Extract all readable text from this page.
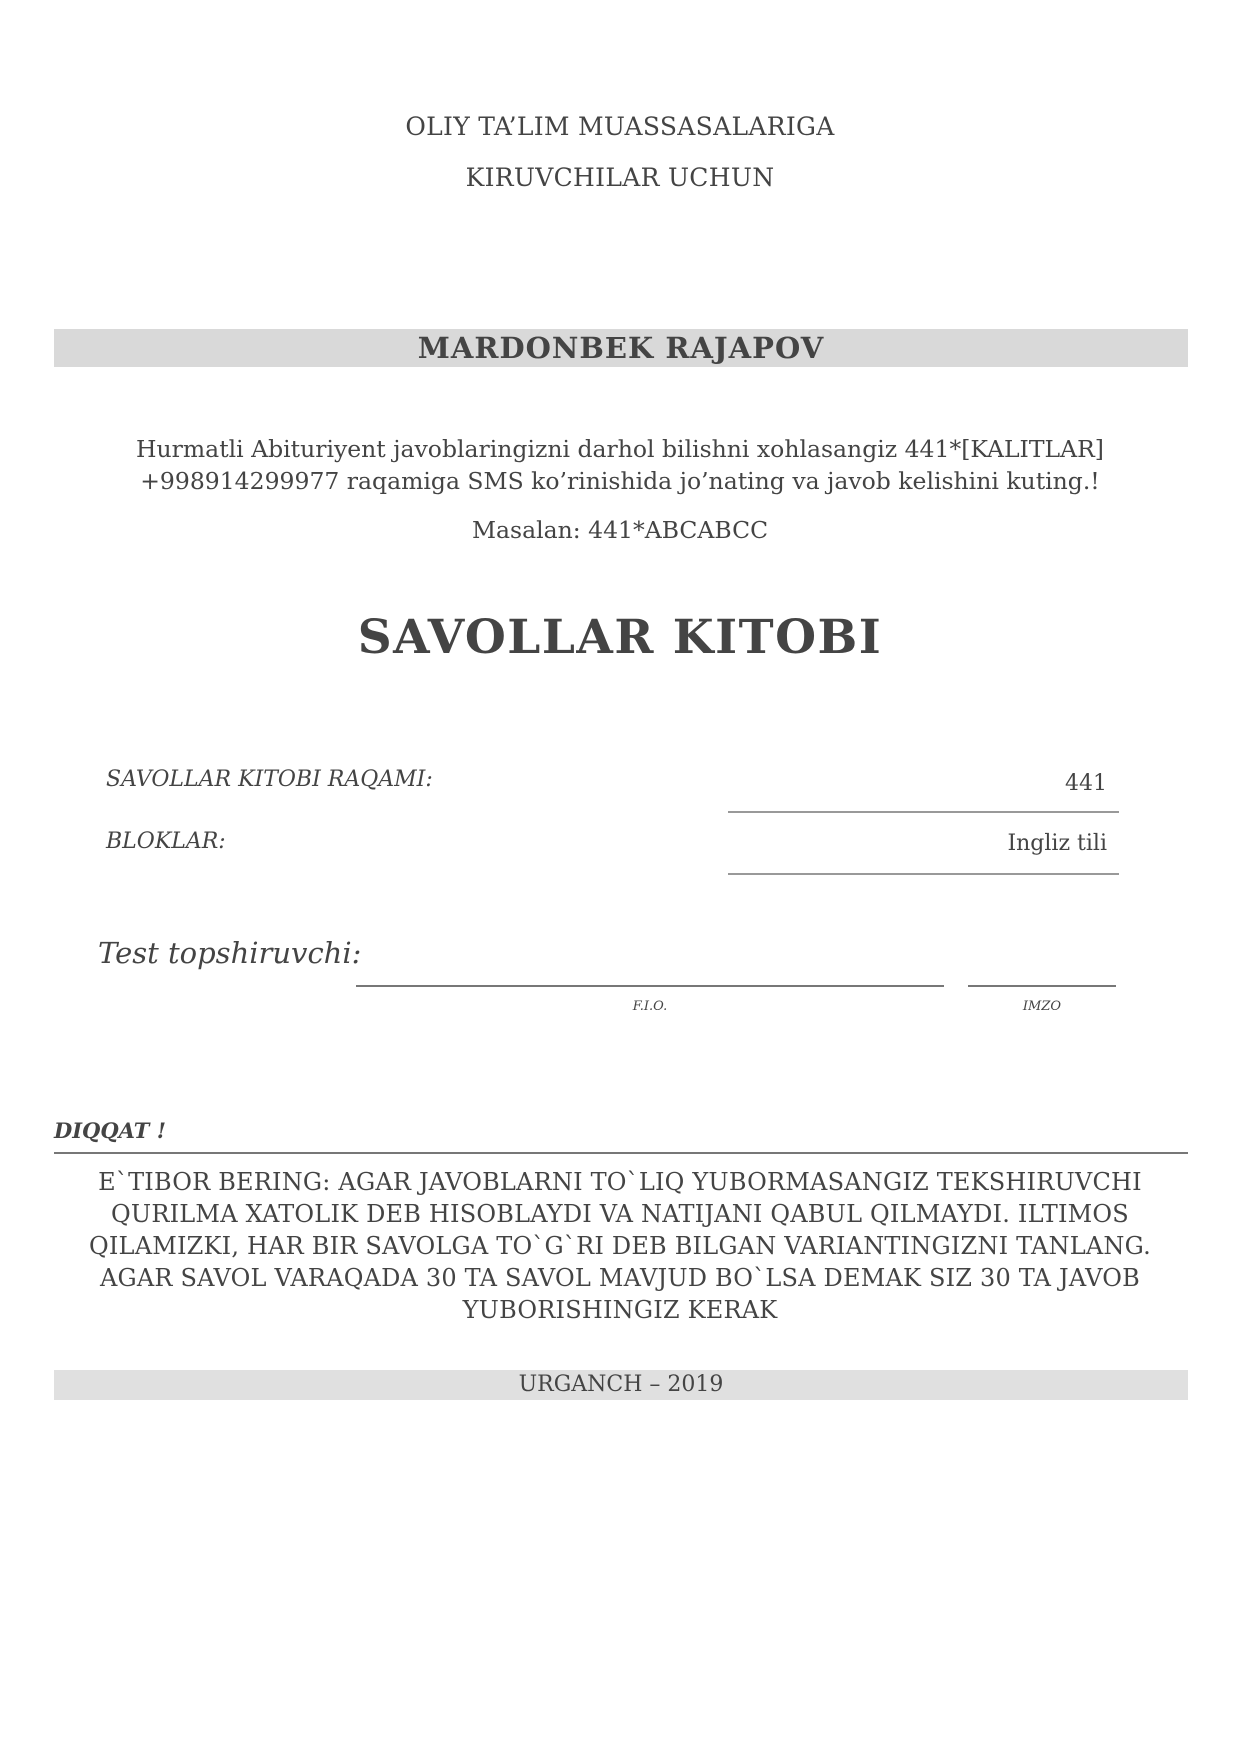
OLIY TA’LIM MUASSASALARIGA
KIRUVCHILAR UCHUN
MARDONBEK RAJAPOV
Hurmatli Abituriyent javoblaringizni darhol bilishni xohlasangiz 441*[KALITLAR]
+998914299977 raqamiga SMS ko’rinishida jo’nating va javob kelishini kuting.!
Masalan: 441*ABCABCC
SAVOLLAR KITOBI
SAVOLLAR KITOBI RAQAMI:	441
BLOKLAR:	Ingliz tili
Test topshiruvchi:
F.I.O.	IMZO
DIQQAT !
E`TIBOR BERING: AGAR JAVOBLARNI TO`LIQ YUBORMASANGIZ TEKSHIRUVCHI
QURILMA XATOLIK DEB HISOBLAYDI VA NATIJANI QABUL QILMAYDI. ILTIMOS
QILAMIZKI, HAR BIR SAVOLGA TO`G`RI DEB BILGAN VARIANTINGIZNI TANLANG.
AGAR SAVOL VARAQADA 30 TA SAVOL MAVJUD BO`LSA DEMAK SIZ 30 TA JAVOB
YUBORISHINGIZ KERAK
URGANCH – 2019
